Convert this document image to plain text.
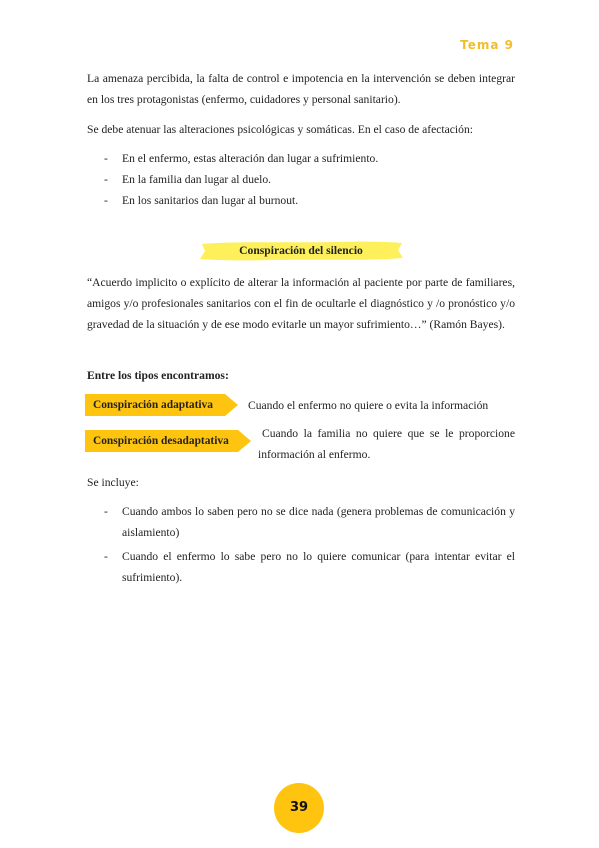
Tema 9

La amenaza percibida, la falta de control e impotencia en la intervención se deben integrar en los tres protagonistas (enfermo, cuidadores y personal sanitario).

Se debe atenuar las alteraciones psicológicas y somáticas. En el caso de afectación:

- En el enfermo, estas alteración dan lugar a sufrimiento.
- En la familia dan lugar al duelo.
- En los sanitarios dan lugar al burnout.
Conspiración del silencio

“Acuerdo implicito o explícito de alterar la información al paciente por parte de familiares, amigos y/o profesionales sanitarios con el fin de ocultarle el diagnóstico y /o pronóstico y/o gravedad de la situación y de ese modo evitarle un mayor sufrimiento…” (Ramón Bayes).

Entre los tipos encontramos:

Conspiración adaptativa	Cuando el enfermo no quiere o evita la información

Conspiración desadaptativa

Cuando la familia no quiere que se le proporcione información al enfermo.

Se incluye:

- Cuando ambos lo saben pero no se dice nada (genera problemas de comunicación y aislamiento)
- Cuando el enfermo lo sabe pero no lo quiere comunicar (para intentar evitar el sufrimiento).
39
